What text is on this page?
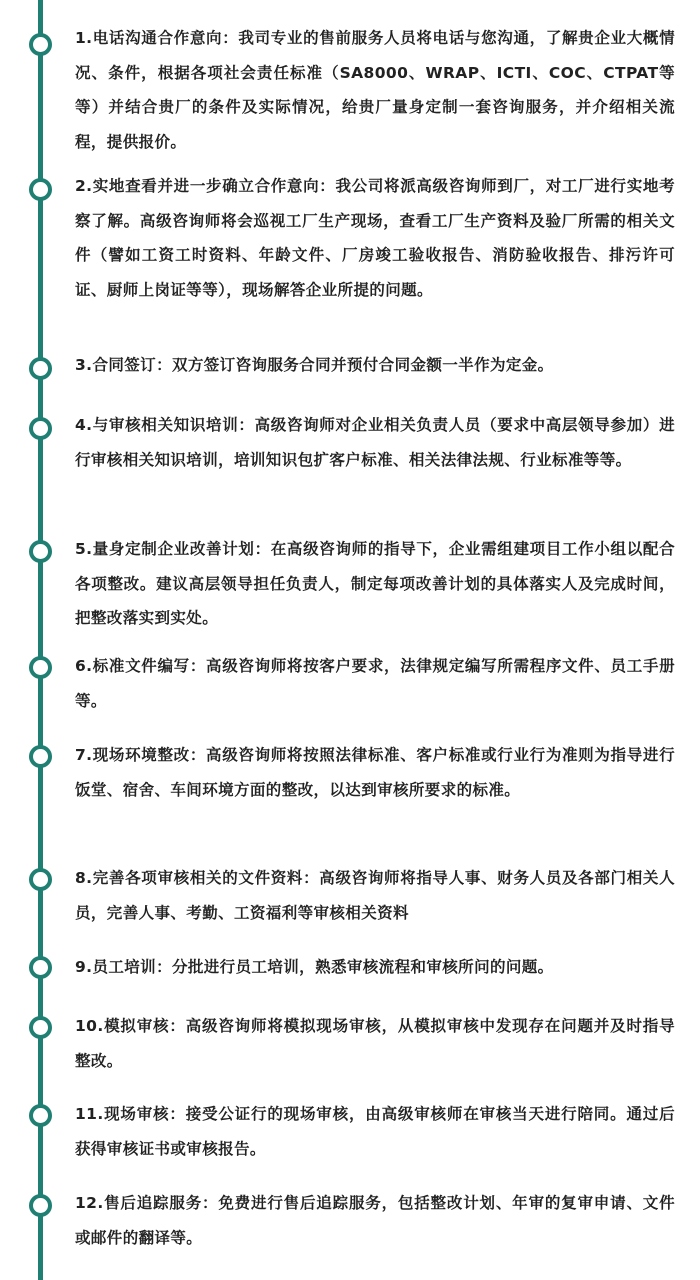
1.电话沟通合作意向：我司专业的售前服务人员将电话与您沟通，了解贵企业大概情况、条件，根据各项社会责任标准（SA8000、WRAP、ICTI、COC、CTPAT等等）并结合贵厂的条件及实际情况，给贵厂量身定制一套咨询服务，并介绍相关流程，提供报价。

2.实地查看并进一步确立合作意向：我公司将派高级咨询师到厂，对工厂进行实地考察了解。高级咨询师将会巡视工厂生产现场，查看工厂生产资料及验厂所需的相关文件（譬如工资工时资料、年龄文件、厂房竣工验收报告、消防验收报告、排污许可证、厨师上岗证等等），现场解答企业所提的问题。

3.合同签订：双方签订咨询服务合同并预付合同金额一半作为定金。

4.与审核相关知识培训：高级咨询师对企业相关负责人员（要求中高层领导参加）进行审核相关知识培训，培训知识包扩客户标准、相关法律法规、行业标准等等。

5.量身定制企业改善计划：在高级咨询师的指导下，企业需组建项目工作小组以配合各项整改。建议高层领导担任负责人，制定每项改善计划的具体落实人及完成时间，把整改落实到实处。

6.标准文件编写：高级咨询师将按客户要求，法律规定编写所需程序文件、员工手册等。

7.现场环境整改：高级咨询师将按照法律标准、客户标准或行业行为准则为指导进行饭堂、宿舍、车间环境方面的整改，以达到审核所要求的标准。

8.完善各项审核相关的文件资料：高级咨询师将指导人事、财务人员及各部门相关人员，完善人事、考勤、工资福利等审核相关资料

9.员工培训：分批进行员工培训，熟悉审核流程和审核所问的问题。

10.模拟审核：高级咨询师将模拟现场审核，从模拟审核中发现存在问题并及时指导整改。

11.现场审核：接受公证行的现场审核，由高级审核师在审核当天进行陪同。通过后获得审核证书或审核报告。

12.售后追踪服务：免费进行售后追踪服务，包括整改计划、年审的复审申请、文件或邮件的翻译等。
